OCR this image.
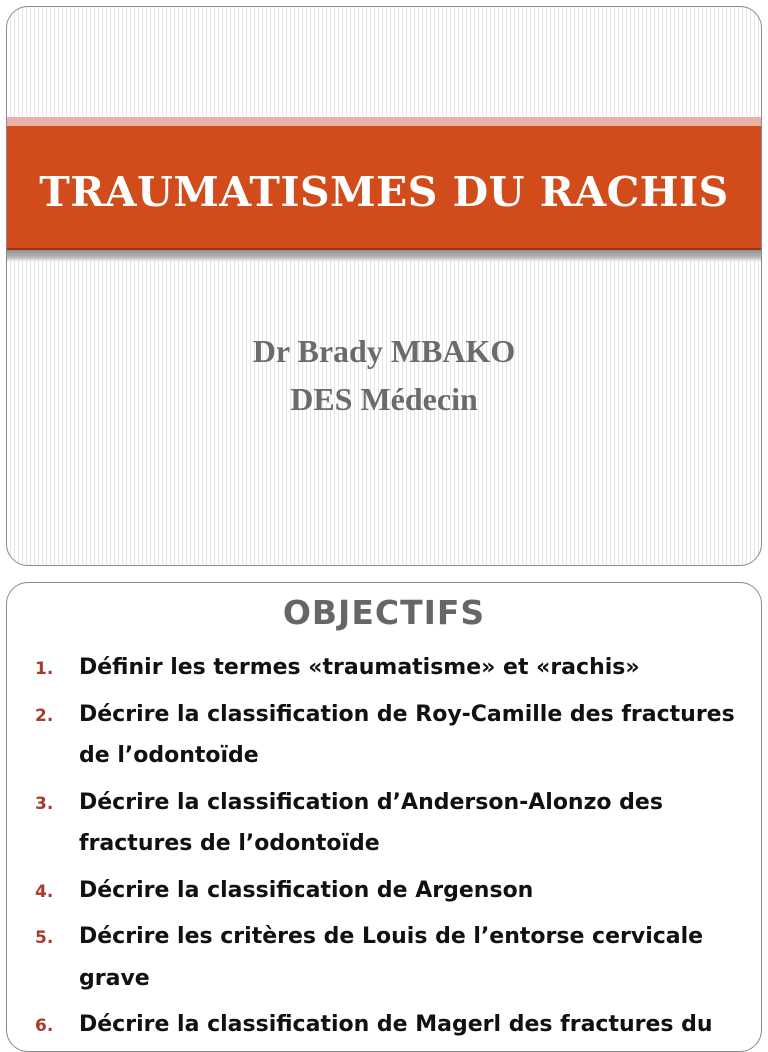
TRAUMATISMES DU RACHIS
Dr Brady MBAKO
DES Médecin
OBJECTIFS
1. Définir les termes «traumatisme» et «rachis»
2. Décrire la classification de Roy-Camille des fractures de l’odontoïde
3. Décrire la classification d’Anderson-Alonzo des fractures de l’odontoïde
4. Décrire la classification de Argenson
5. Décrire les critères de Louis de l’entorse cervicale grave
6. Décrire la classification de Magerl des fractures du
